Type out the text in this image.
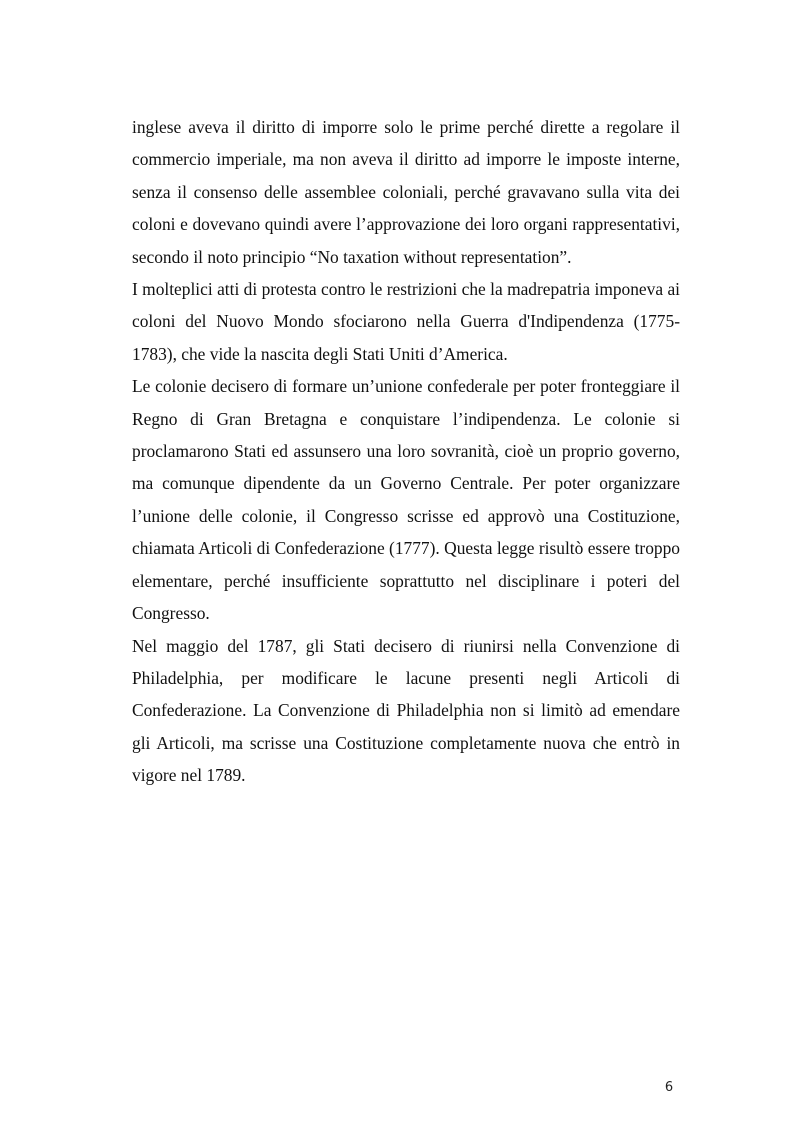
inglese aveva il diritto di imporre solo le prime perché dirette a regolare il commercio imperiale, ma non aveva il diritto ad imporre le imposte interne, senza il consenso delle assemblee coloniali, perché gravavano sulla vita dei coloni e dovevano quindi avere l’approvazione dei loro organi rappresentativi, secondo il noto principio “No taxation without representation”.

I molteplici atti di protesta contro le restrizioni che la madrepatria imponeva ai coloni del Nuovo Mondo sfociarono nella Guerra d'Indipendenza (1775-1783), che vide la nascita degli Stati Uniti d’America.

Le colonie decisero di formare un’unione confederale per poter fronteggiare il Regno di Gran Bretagna e conquistare l’indipendenza. Le colonie si proclamarono Stati ed assunsero una loro sovranità, cioè un proprio governo, ma comunque dipendente da un Governo Centrale. Per poter organizzare l’unione delle colonie, il Congresso scrisse ed approvò una Costituzione, chiamata Articoli di Confederazione (1777). Questa legge risultò essere troppo elementare, perché insufficiente soprattutto nel disciplinare i poteri del Congresso.

Nel maggio del 1787, gli Stati decisero di riunirsi nella Convenzione di Philadelphia, per modificare le lacune presenti negli Articoli di Confederazione. La Convenzione di Philadelphia non si limitò ad emendare gli Articoli, ma scrisse una Costituzione completamente nuova che entrò in vigore nel 1789.

6
